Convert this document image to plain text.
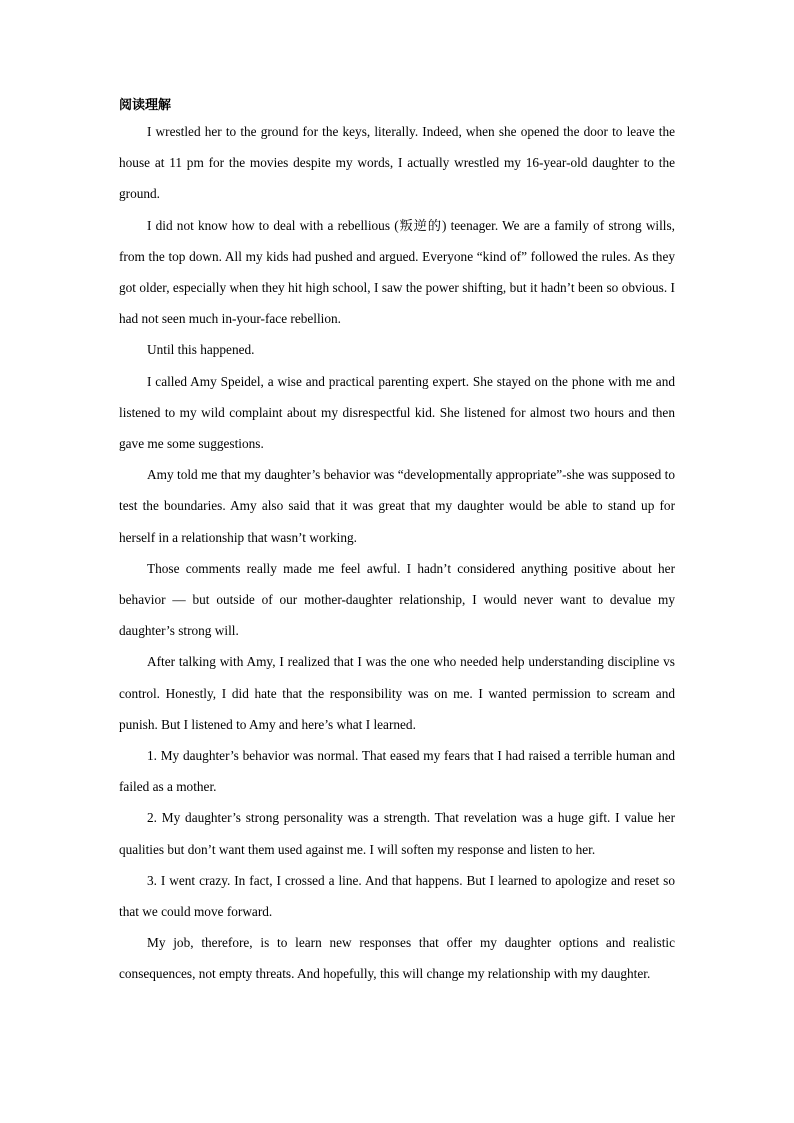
阅读理解

I wrestled her to the ground for the keys, literally. Indeed, when she opened the door to leave the house at 11 pm for the movies despite my words, I actually wrestled my 16-year-old daughter to the ground.

I did not know how to deal with a rebellious (叛逆的) teenager. We are a family of strong wills, from the top down. All my kids had pushed and argued. Everyone “kind of” followed the rules. As they got older, especially when they hit high school, I saw the power shifting, but it hadn’t been so obvious. I had not seen much in-your-face rebellion.

Until this happened.

I called Amy Speidel, a wise and practical parenting expert. She stayed on the phone with me and listened to my wild complaint about my disrespectful kid. She listened for almost two hours and then gave me some suggestions.

Amy told me that my daughter’s behavior was “developmentally appropriate”-she was supposed to test the boundaries. Amy also said that it was great that my daughter would be able to stand up for herself in a relationship that wasn’t working.

Those comments really made me feel awful. I hadn’t considered anything positive about her behavior — but outside of our mother-daughter relationship, I would never want to devalue my daughter’s strong will.

After talking with Amy, I realized that I was the one who needed help understanding discipline vs control. Honestly, I did hate that the responsibility was on me. I wanted permission to scream and punish. But I listened to Amy and here’s what I learned.

1. My daughter’s behavior was normal. That eased my fears that I had raised a terrible human and failed as a mother.

2. My daughter’s strong personality was a strength. That revelation was a huge gift. I value her qualities but don’t want them used against me. I will soften my response and listen to her.

3. I went crazy. In fact, I crossed a line. And that happens. But I learned to apologize and reset so that we could move forward.

My job, therefore, is to learn new responses that offer my daughter options and realistic consequences, not empty threats. And hopefully, this will change my relationship with my daughter.
